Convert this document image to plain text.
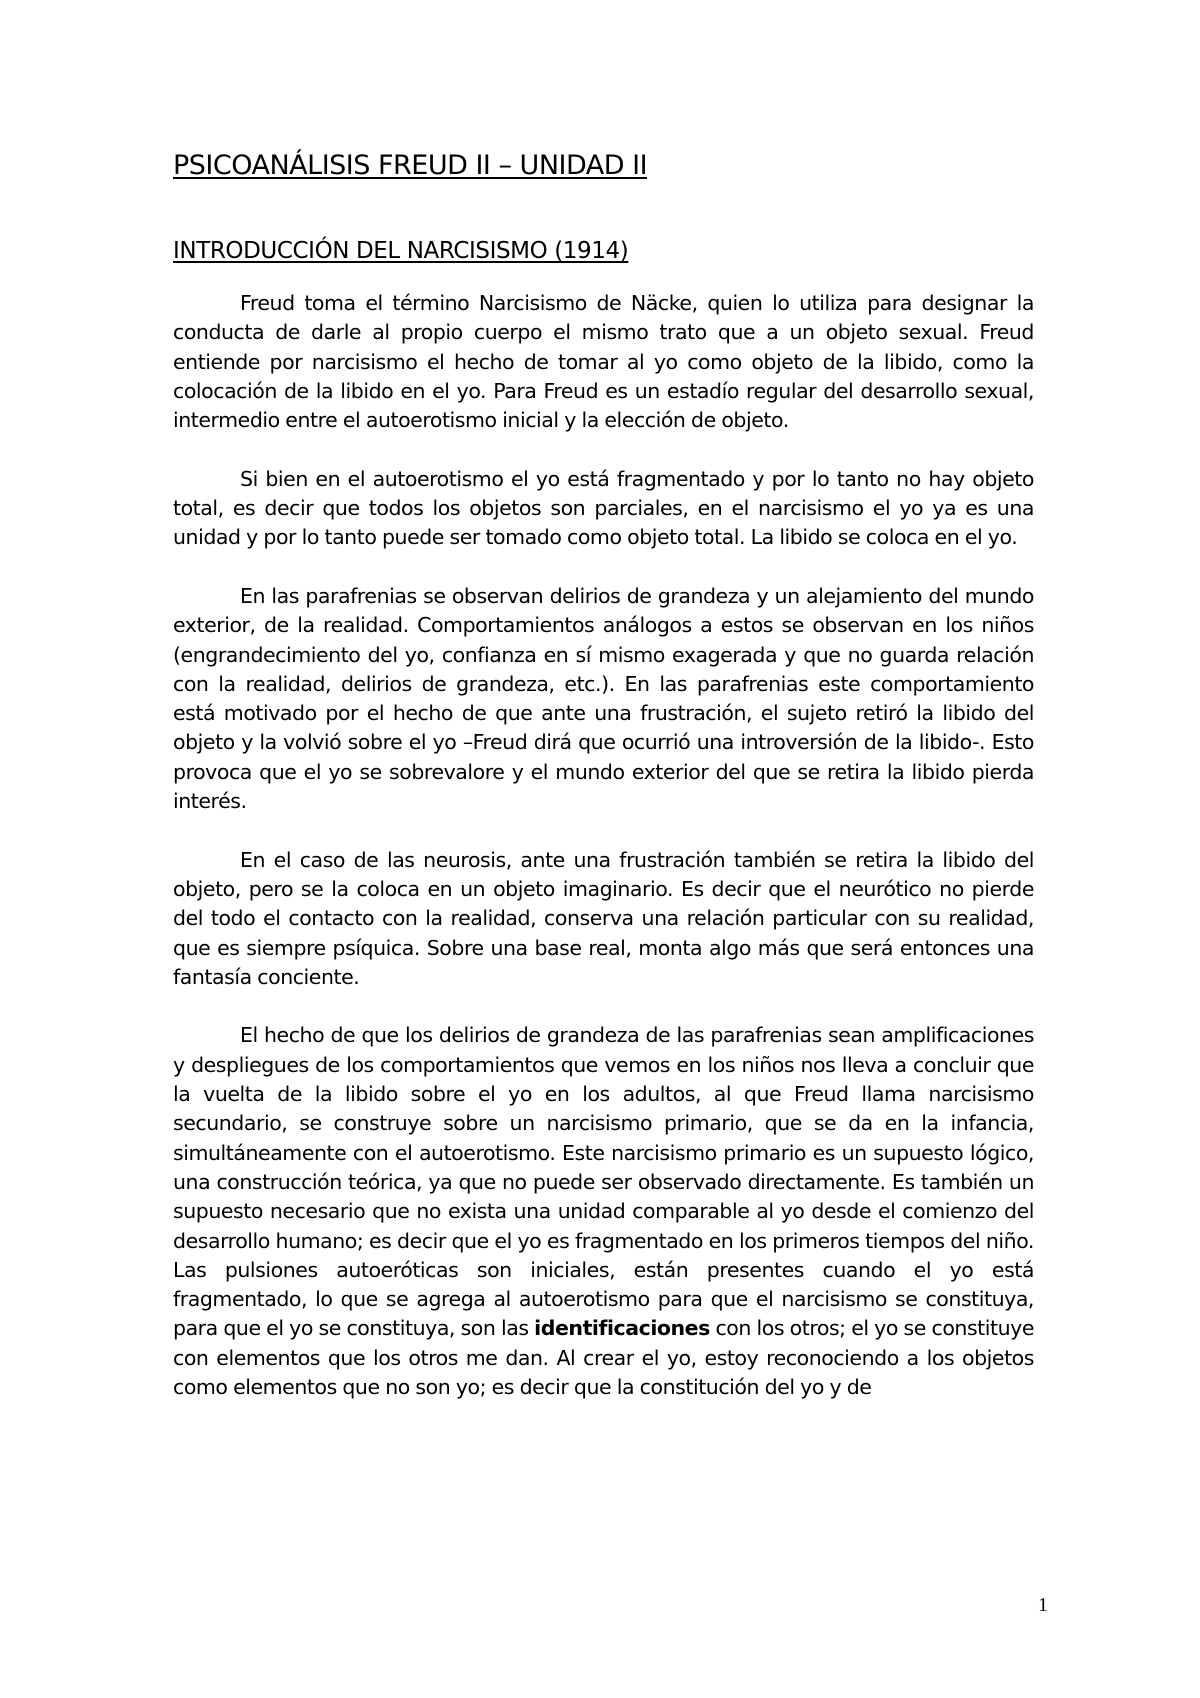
PSICOANÁLISIS FREUD II – UNIDAD II
INTRODUCCIÓN DEL NARCISISMO (1914)

Freud toma el término Narcisismo de Näcke, quien lo utiliza para designar la conducta de darle al propio cuerpo el mismo trato que a un objeto sexual. Freud entiende por narcisismo el hecho de tomar al yo como objeto de la libido, como la colocación de la libido en el yo. Para Freud es un estadío regular del desarrollo sexual, intermedio entre el autoerotismo inicial y la elección de objeto.

Si bien en el autoerotismo el yo está fragmentado y por lo tanto no hay objeto total, es decir que todos los objetos son parciales, en el narcisismo el yo ya es una unidad y por lo tanto puede ser tomado como objeto total. La libido se coloca en el yo.

En las parafrenias se observan delirios de grandeza y un alejamiento del mundo exterior, de la realidad. Comportamientos análogos a estos se observan en los niños (engrandecimiento del yo, confianza en sí mismo exagerada y que no guarda relación con la realidad, delirios de grandeza, etc.). En las parafrenias este comportamiento está motivado por el hecho de que ante una frustración, el sujeto retiró la libido del objeto y la volvió sobre el yo –Freud dirá que ocurrió una introversión de la libido-. Esto provoca que el yo se sobrevalore y el mundo exterior del que se retira la libido pierda interés.

En el caso de las neurosis, ante una frustración también se retira la libido del objeto, pero se la coloca en un objeto imaginario. Es decir que el neurótico no pierde del todo el contacto con la realidad, conserva una relación particular con su realidad, que es siempre psíquica. Sobre una base real, monta algo más que será entonces una fantasía conciente.

El hecho de que los delirios de grandeza de las parafrenias sean amplificaciones y despliegues de los comportamientos que vemos en los niños nos lleva a concluir que la vuelta de la libido sobre el yo en los adultos, al que Freud llama narcisismo secundario, se construye sobre un narcisismo primario, que se da en la infancia, simultáneamente con el autoerotismo. Este narcisismo primario es un supuesto lógico, una construcción teórica, ya que no puede ser observado directamente. Es también un supuesto necesario que no exista una unidad comparable al yo desde el comienzo del desarrollo humano; es decir que el yo es fragmentado en los primeros tiempos del niño. Las pulsiones autoeróticas son iniciales, están presentes cuando el yo está fragmentado, lo que se agrega al autoerotismo para que el narcisismo se constituya, para que el yo se constituya, son las identificaciones con los otros; el yo se constituye con elementos que los otros me dan. Al crear el yo, estoy reconociendo a los objetos como elementos que no son yo; es decir que la constitución del yo y de

1
